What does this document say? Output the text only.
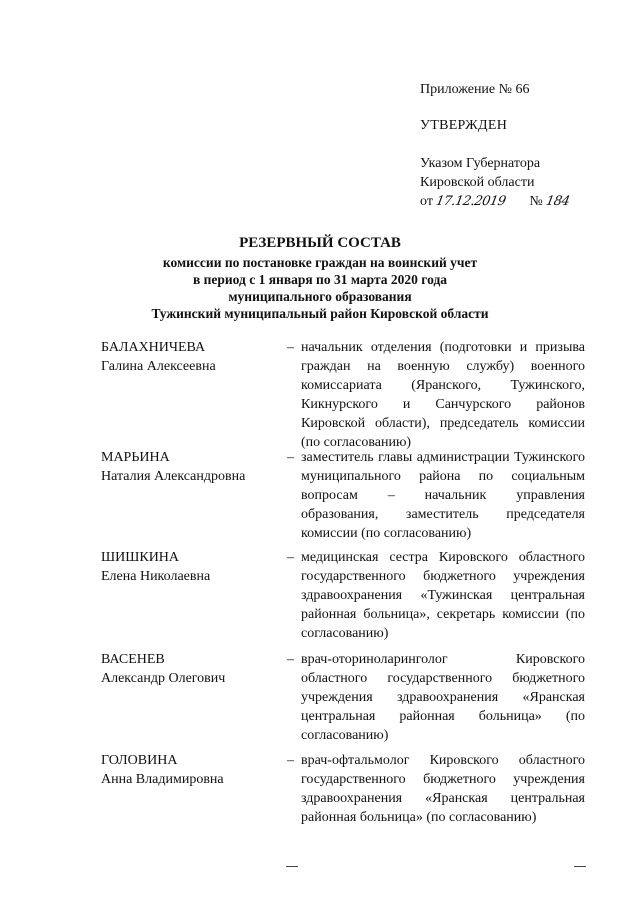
Приложение № 66
УТВЕРЖДЕН
Указом Губернатора
Кировской области
от 17.12.2019 № 184
РЕЗЕРВНЫЙ СОСТАВ
комиссии по постановке граждан на воинский учет
в период с 1 января по 31 марта 2020 года
муниципального образования
Тужинский муниципальный район Кировской области
БАЛАХНИЧЕВА
Галина Алексеевна
– начальник отделения (подготовки и призыва граждан на военную службу) военного комиссариата (Яранского, Тужинского, Кикнурского и Санчурского районов Кировской области), председатель комиссии (по согласованию)
МАРЬИНА
Наталия Александровна
– заместитель главы администрации Тужинского муниципального района по социальным вопросам – начальник управления образования, заместитель председателя комиссии (по согласованию)
ШИШКИНА
Елена Николаевна
– медицинская сестра Кировского областного государственного бюджетного учреждения здравоохранения «Тужинская центральная районная больница», секретарь комиссии (по согласованию)
ВАСЕНЕВ
Александр Олегович
– врач-оториноларинголог Кировского областного государственного бюджетного учреждения здравоохранения «Яранская центральная районная больница» (по согласованию)
ГОЛОВИНА
Анна Владимировна
– врач-офтальмолог Кировского областного государственного бюджетного учреждения здравоохранения «Яранская центральная районная больница» (по согласованию)
